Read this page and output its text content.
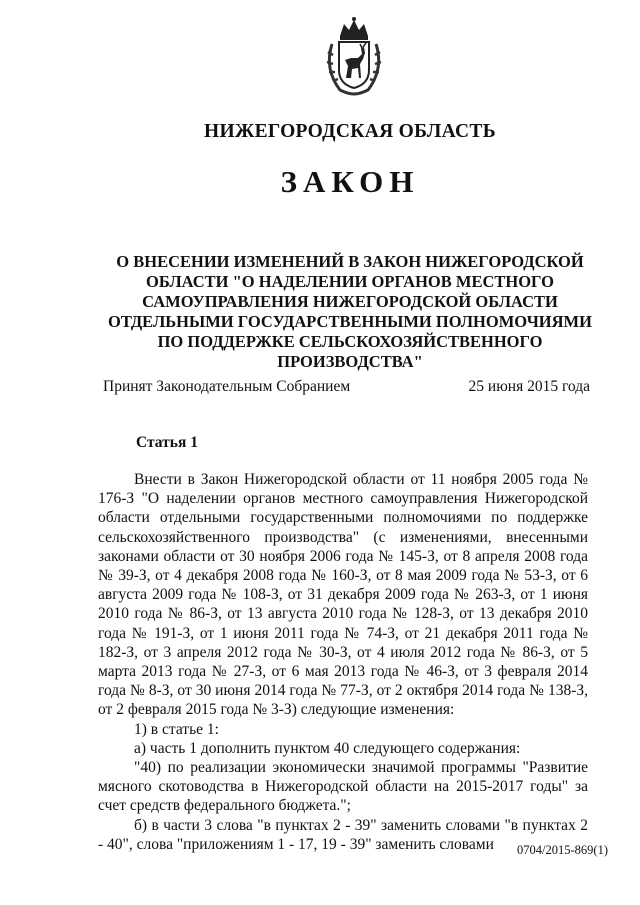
НИЖЕГОРОДСКАЯ ОБЛАСТЬ
ЗАКОН
О ВНЕСЕНИИ ИЗМЕНЕНИЙ В ЗАКОН НИЖЕГОРОДСКОЙ ОБЛАСТИ "О НАДЕЛЕНИИ ОРГАНОВ МЕСТНОГО САМОУПРАВЛЕНИЯ НИЖЕГОРОДСКОЙ ОБЛАСТИ ОТДЕЛЬНЫМИ ГОСУДАРСТВЕННЫМИ ПОЛНОМОЧИЯМИ ПО ПОДДЕРЖКЕ СЕЛЬСКОХОЗЯЙСТВЕННОГО ПРОИЗВОДСТВА"
Принят Законодательным Собранием	25 июня 2015 года
Статья 1

Внести в Закон Нижегородской области от 11 ноября 2005 года № 176-З "О наделении органов местного самоуправления Нижегородской области отдельными государственными полномочиями по поддержке сельскохозяйственного производства" (с изменениями, внесенными законами области от 30 ноября 2006 года № 145-З, от 8 апреля 2008 года № 39-З, от 4 декабря 2008 года № 160-З, от 8 мая 2009 года № 53-З, от 6 августа 2009 года № 108-З, от 31 декабря 2009 года № 263-З, от 1 июня 2010 года № 86-З, от 13 августа 2010 года № 128-З, от 13 декабря 2010 года № 191-З, от 1 июня 2011 года № 74-З, от 21 декабря 2011 года № 182-З, от 3 апреля 2012 года № 30-З, от 4 июля 2012 года № 86-З, от 5 марта 2013 года № 27-З, от 6 мая 2013 года № 46-З, от 3 февраля 2014 года № 8-З, от 30 июня 2014 года № 77-З, от 2 октября 2014 года № 138-З, от 2 февраля 2015 года № 3-З) следующие изменения:

1) в статье 1:

а) часть 1 дополнить пунктом 40 следующего содержания:

"40) по реализации экономически значимой программы "Развитие мясного скотоводства в Нижегородской области на 2015-2017 годы" за счет средств федерального бюджета.";

б) в части 3 слова "в пунктах 2 - 39" заменить словами "в пунктах 2 - 40", слова "приложениям 1 - 17, 19 - 39" заменить словами	0704/2015-869(1)
